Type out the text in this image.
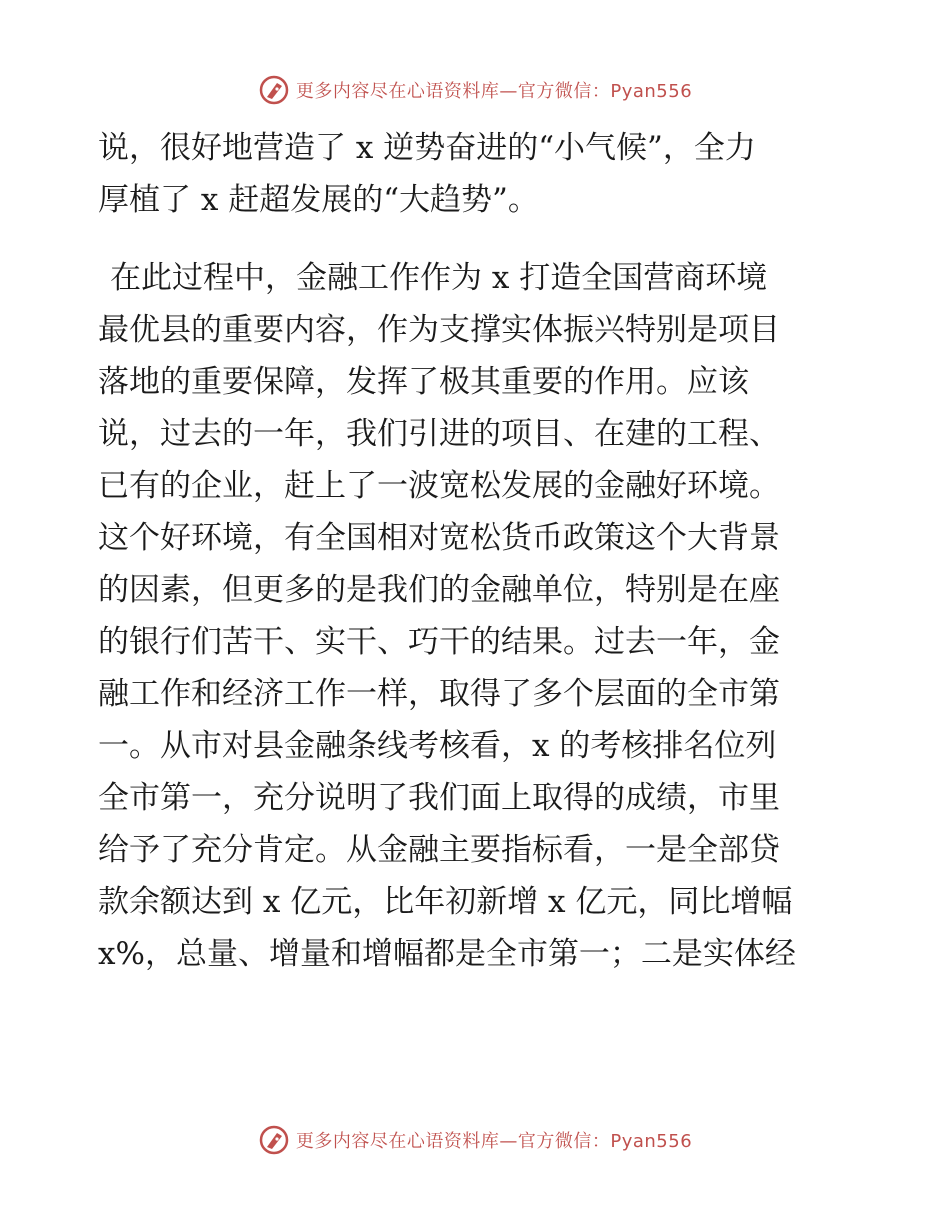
更多内容尽在心语资料库—官方微信：Pyan556
说，很好地营造了 x 逆势奋进的“小气候”，全力
厚植了 x 赶超发展的“大趋势”。
在此过程中，金融工作作为 x 打造全国营商环境
最优县的重要内容，作为支撑实体振兴特别是项目
落地的重要保障，发挥了极其重要的作用。应该
说，过去的一年，我们引进的项目、在建的工程、
已有的企业，赶上了一波宽松发展的金融好环境。
这个好环境，有全国相对宽松货币政策这个大背景
的因素，但更多的是我们的金融单位，特别是在座
的银行们苦干、实干、巧干的结果。过去一年，金
融工作和经济工作一样，取得了多个层面的全市第
一。从市对县金融条线考核看，x 的考核排名位列
全市第一，充分说明了我们面上取得的成绩，市里
给予了充分肯定。从金融主要指标看，一是全部贷
款余额达到 x 亿元，比年初新增 x 亿元，同比增幅
x%，总量、增量和增幅都是全市第一；二是实体经
更多内容尽在心语资料库—官方微信：Pyan556
